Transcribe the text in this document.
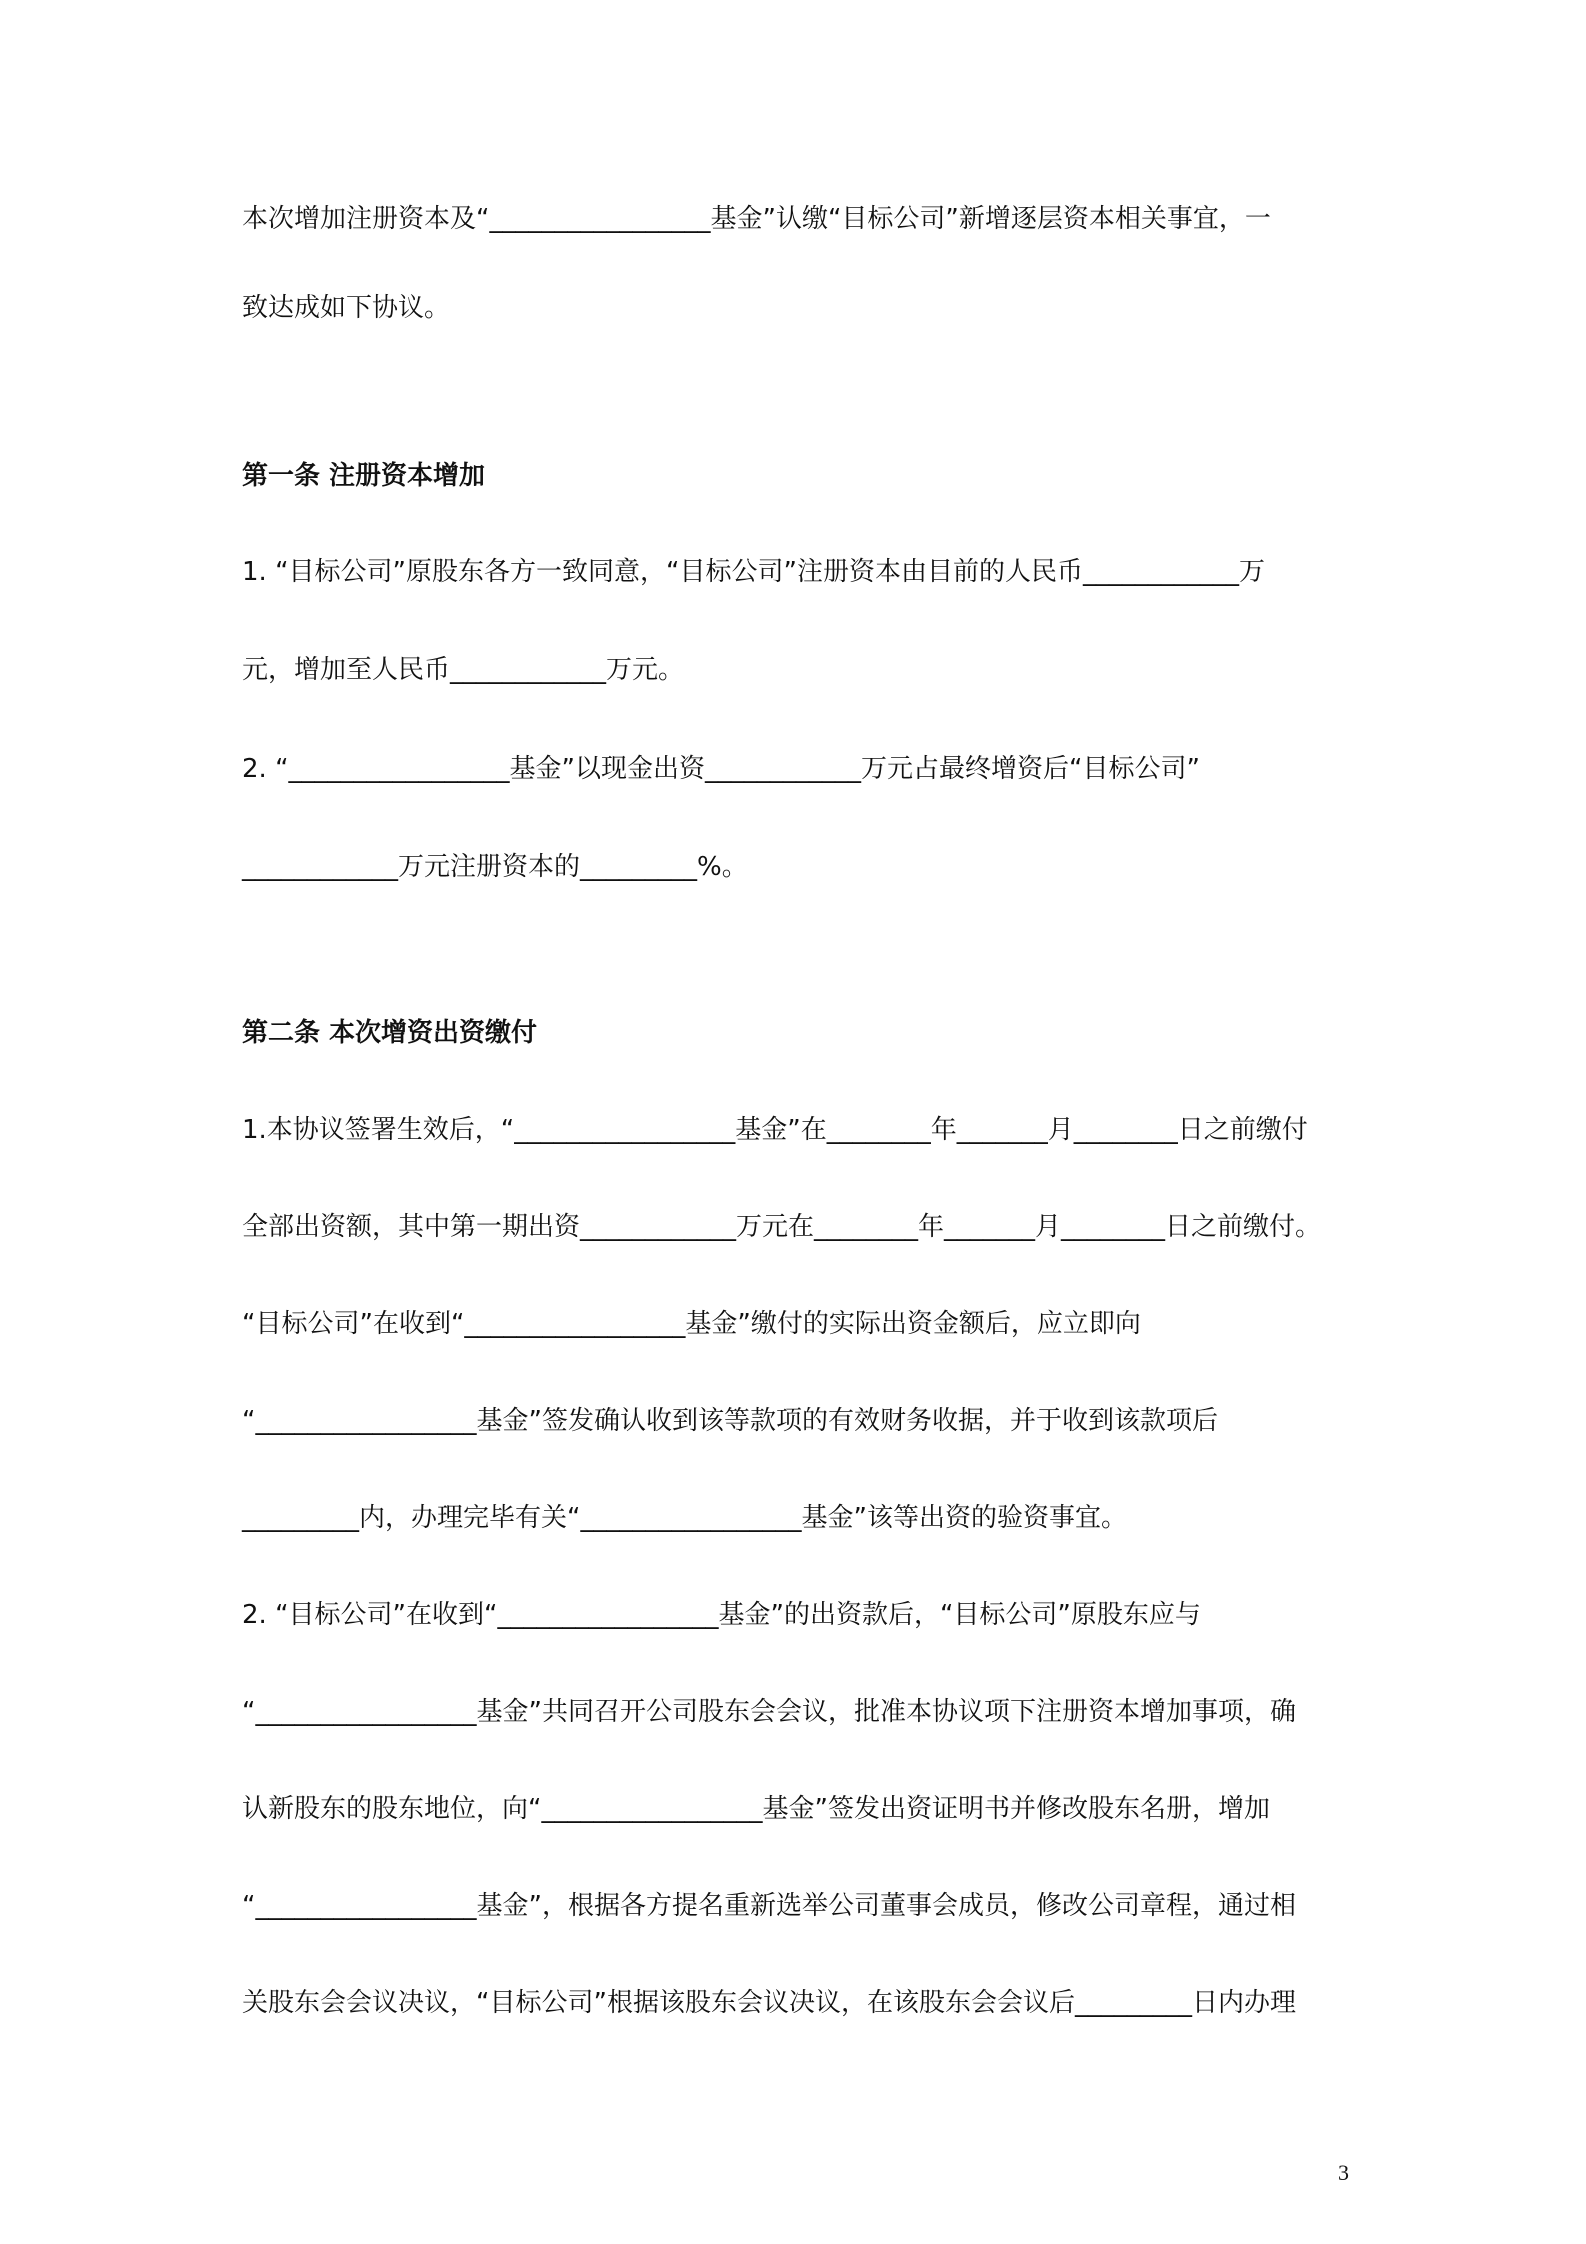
本次增加注册资本及“_________________基金”认缴“目标公司”新增逐层资本相关事宜，一

致达成如下协议。

第一条 注册资本增加

1. “目标公司”原股东各方一致同意，“目标公司”注册资本由目前的人民币____________万

元，增加至人民币____________万元。

2. “_________________基金”以现金出资____________万元占最终增资后“目标公司”

____________万元注册资本的_________%。

第二条 本次增资出资缴付

1.本协议签署生效后，“_________________基金”在________年_______月________日之前缴付

全部出资额，其中第一期出资____________万元在________年_______月________日之前缴付。

“目标公司”在收到“_________________基金”缴付的实际出资金额后，应立即向

“_________________基金”签发确认收到该等款项的有效财务收据，并于收到该款项后

_________内，办理完毕有关“_________________基金”该等出资的验资事宜。

2. “目标公司”在收到“_________________基金”的出资款后，“目标公司”原股东应与

“_________________基金”共同召开公司股东会会议，批准本协议项下注册资本增加事项，确

认新股东的股东地位，向“_________________基金”签发出资证明书并修改股东名册，增加

“_________________基金”，根据各方提名重新选举公司董事会成员，修改公司章程，通过相

关股东会会议决议，“目标公司”根据该股东会议决议，在该股东会会议后_________日内办理

3
